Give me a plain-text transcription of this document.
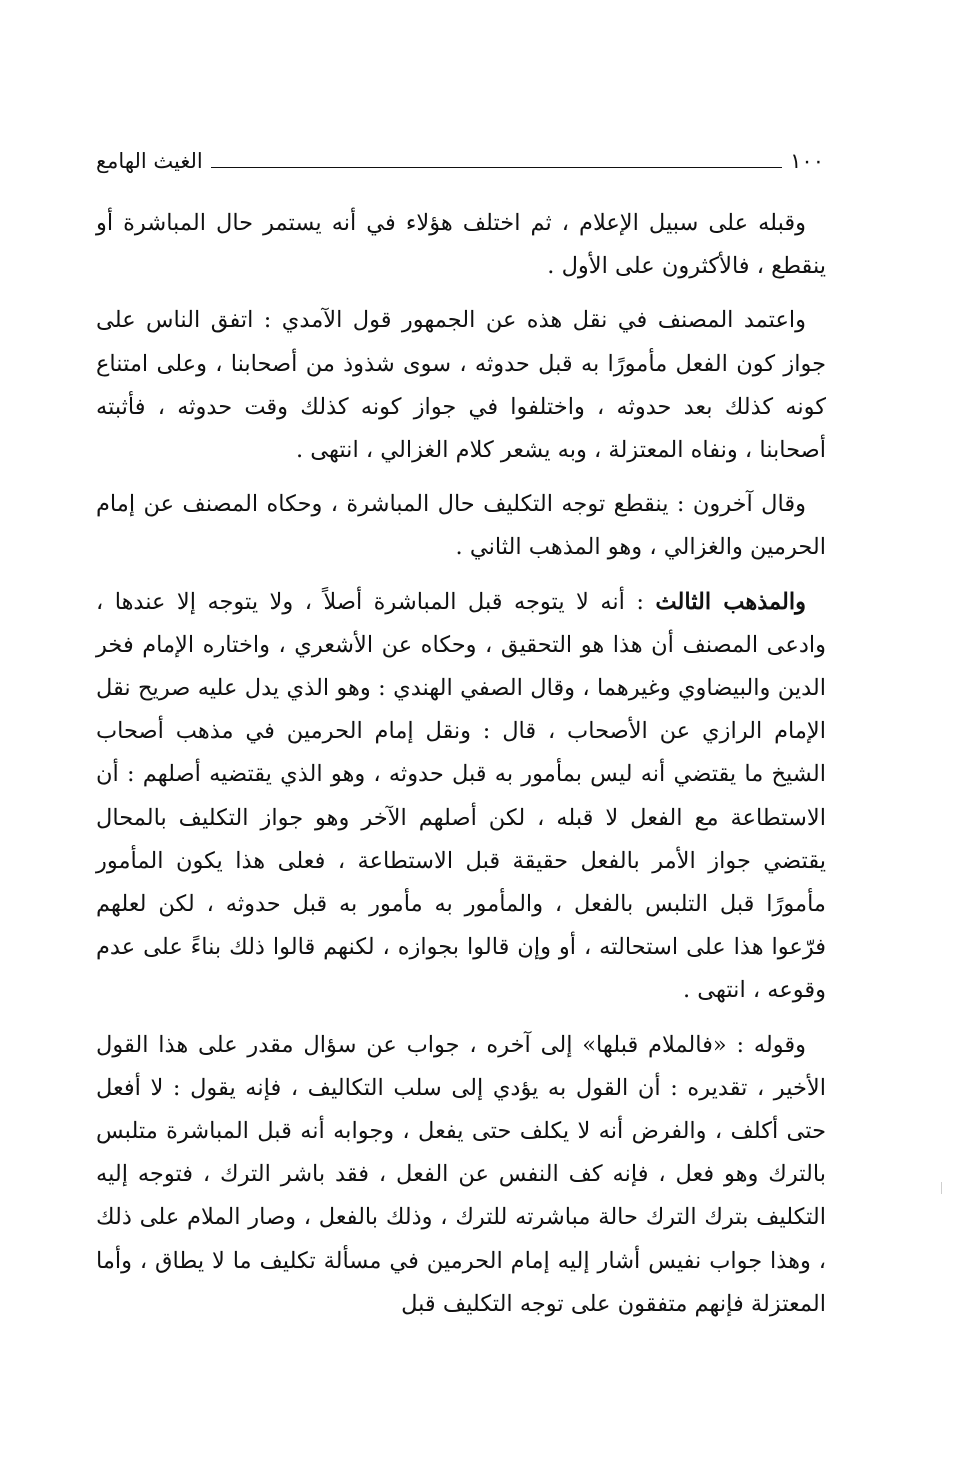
١٠٠
الغيث الهامع

وقبله على سبيل الإعلام ، ثم اختلف هؤلاء في أنه يستمر حال المباشرة أو ينقطع ، فالأكثرون على الأول .

واعتمد المصنف في نقل هذه عن الجمهور قول الآمدي : اتفق الناس على جواز كون الفعل مأمورًا به قبل حدوثه ، سوى شذوذ من أصحابنا ، وعلى امتناع كونه كذلك بعد حدوثه ، واختلفوا في جواز كونه كذلك وقت حدوثه ، فأثبته أصحابنا ، ونفاه المعتزلة ، وبه يشعر كلام الغزالي ، انتهى .

وقال آخرون : ينقطع توجه التكليف حال المباشرة ، وحكاه المصنف عن إمام الحرمين والغزالي ، وهو المذهب الثاني .

والمذهب الثالث : أنه لا يتوجه قبل المباشرة أصلاً ، ولا يتوجه إلا عندها ، وادعى المصنف أن هذا هو التحقيق ، وحكاه عن الأشعري ، واختاره الإمام فخر الدين والبيضاوي وغيرهما ، وقال الصفي الهندي : وهو الذي يدل عليه صريح نقل الإمام الرازي عن الأصحاب ، قال : ونقل إمام الحرمين في مذهب أصحاب الشيخ ما يقتضي أنه ليس بمأمور به قبل حدوثه ، وهو الذي يقتضيه أصلهم : أن الاستطاعة مع الفعل لا قبله ، لكن أصلهم الآخر وهو جواز التكليف بالمحال يقتضي جواز الأمر بالفعل حقيقة قبل الاستطاعة ، فعلى هذا يكون المأمور مأمورًا قبل التلبس بالفعل ، والمأمور به مأمور به قبل حدوثه ، لكن لعلهم فرّعوا هذا على استحالته ، أو وإن قالوا بجوازه ، لكنهم قالوا ذلك بناءً على عدم وقوعه ، انتهى .

وقوله : «فالملام قبلها» إلى آخره ، جواب عن سؤال مقدر على هذا القول الأخير ، تقديره : أن القول به يؤدي إلى سلب التكاليف ، فإنه يقول : لا أفعل حتى أكلف ، والفرض أنه لا يكلف حتى يفعل ، وجوابه أنه قبل المباشرة متلبس بالترك وهو فعل ، فإنه كف النفس عن الفعل ، فقد باشر الترك ، فتوجه إليه التكليف بترك الترك حالة مباشرته للترك ، وذلك بالفعل ، وصار الملام على ذلك ، وهذا جواب نفيس أشار إليه إمام الحرمين في مسألة تكليف ما لا يطاق ، وأما المعتزلة فإنهم متفقون على توجه التكليف قبل
